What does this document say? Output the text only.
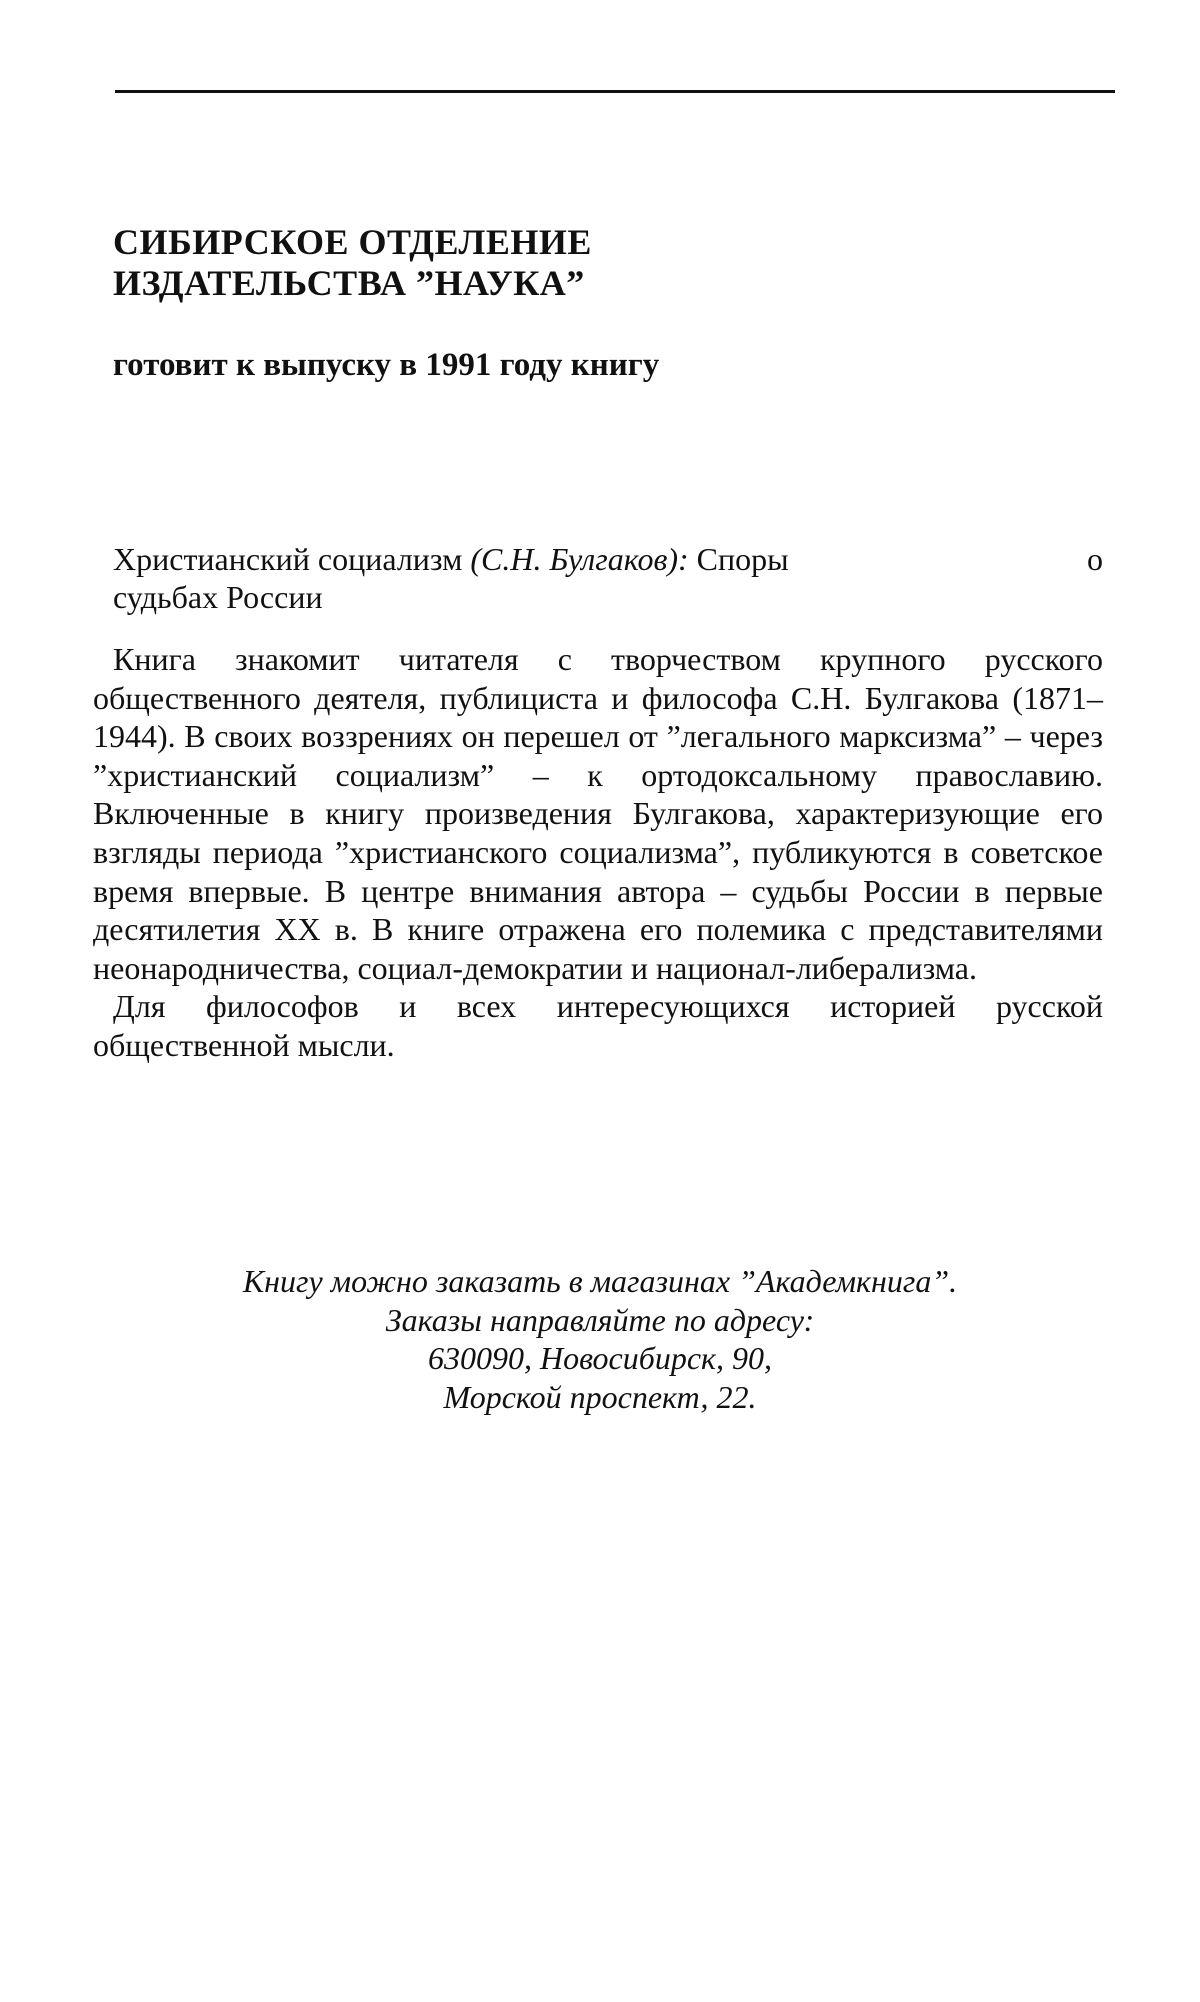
СИБИРСКОЕ ОТДЕЛЕНИЕ
ИЗДАТЕЛЬСТВА ”НАУКА”
готовит к выпуску в 1991 году книгу
Христианский социализм (С.Н. Булгаков): Споры	о
судьбах России

Книга знакомит читателя с творчеством крупного русского общественного деятеля, публициста и философа С.Н. Булгакова (1871–1944). В своих воззрениях он перешел от ”легального марксизма” – через ”христианский социализм” – к ортодоксальному православию. Включенные в книгу произведения Булгакова, характеризующие его взгляды периода ”христианского социализма”, публикуются в советское время впервые. В центре внимания автора – судьбы России в первые десятилетия XX в. В книге отражена его полемика с представителями неонародничества, социал-демократии и национал-либерализма.

Для философов и всех интересующихся историей русской общественной мысли.

Книгу можно заказать в магазинах ”Академкнига”.
Заказы направляйте по адресу:
630090, Новосибирск, 90,
Морской проспект, 22.
